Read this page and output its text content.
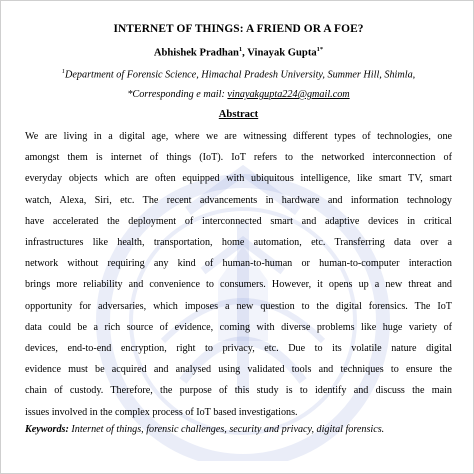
INTERNET OF THINGS: A FRIEND OR A FOE?
Abhishek Pradhan$^1$, Vinayak Gupta$^{1*}$
$^1$Department of Forensic Science, Himachal Pradesh University, Summer Hill, Shimla,
*Corresponding e mail: vinayakgupta224@gmail.com
Abstract
We are living in a digital age, where we are witnessing different types of technologies, one
amongst them is internet of things (IoT). IoT refers to the networked interconnection of
everyday objects which are often equipped with ubiquitous intelligence, like smart TV, smart
watch, Alexa, Siri, etc. The recent advancements in hardware and information technology
have accelerated the deployment of interconnected smart and adaptive devices in critical
infrastructures like health, transportation, home automation, etc. Transferring data over a
network without requiring any kind of human-to-human or human-to-computer interaction
brings more reliability and convenience to consumers. However, it opens up a new threat and
opportunity for adversaries, which imposes a new question to the digital forensics. The IoT
data could be a rich source of evidence, coming with diverse problems like huge variety of
devices, end-to-end encryption, right to privacy, etc. Due to its volatile nature digital
evidence must be acquired and analysed using validated tools and techniques to ensure the
chain of custody. Therefore, the purpose of this study is to identify and discuss the main
issues involved in the complex process of IoT based investigations.
Keywords: Internet of things, forensic challenges, security and privacy, digital forensics.
